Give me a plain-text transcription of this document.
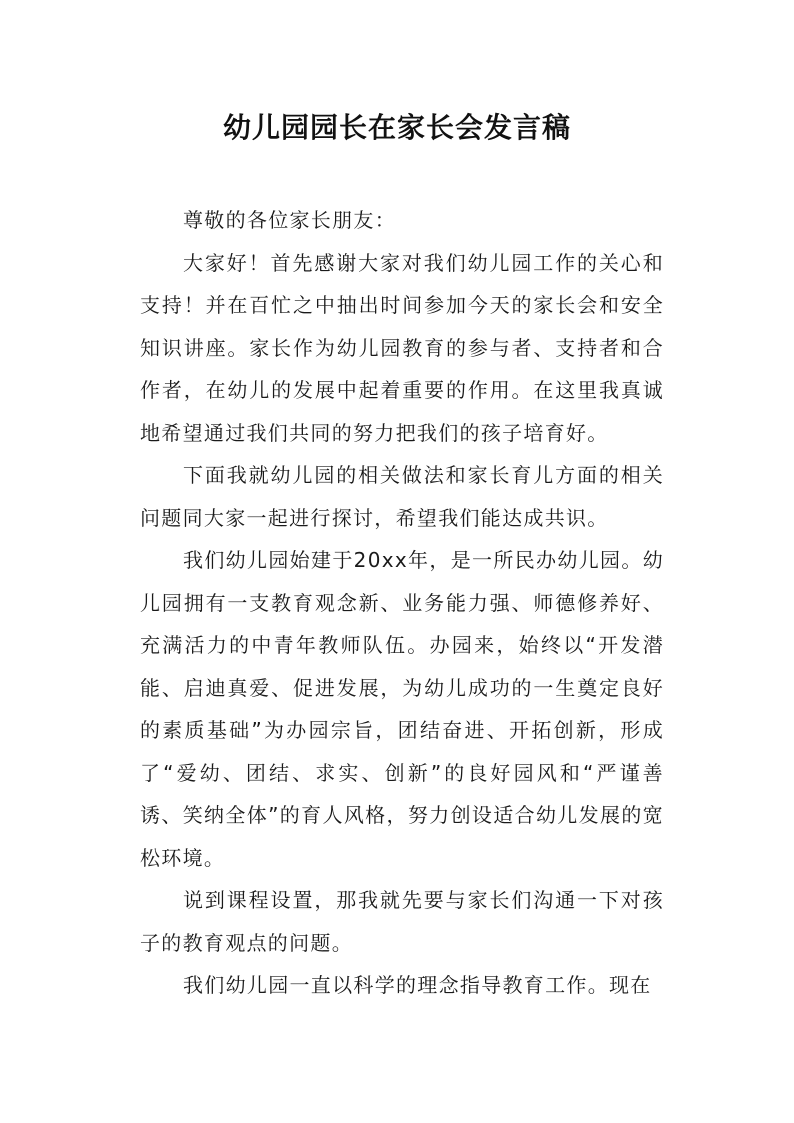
幼儿园园长在家长会发言稿

尊敬的各位家长朋友：

大家好！首先感谢大家对我们幼儿园工作的关心和支持！并在百忙之中抽出时间参加今天的家长会和安全知识讲座。家长作为幼儿园教育的参与者、支持者和合作者，在幼儿的发展中起着重要的作用。在这里我真诚地希望通过我们共同的努力把我们的孩子培育好。

下面我就幼儿园的相关做法和家长育儿方面的相关问题同大家一起进行探讨，希望我们能达成共识。

我们幼儿园始建于20xx年，是一所民办幼儿园。幼儿园拥有一支教育观念新、业务能力强、师德修养好、充满活力的中青年教师队伍。办园来，始终以“开发潜能、启迪真爱、促进发展，为幼儿成功的一生奠定良好的素质基础”为办园宗旨，团结奋进、开拓创新，形成了“爱幼、团结、求实、创新”的良好园风和“严谨善诱、笑纳全体”的育人风格，努力创设适合幼儿发展的宽松环境。

说到课程设置，那我就先要与家长们沟通一下对孩子的教育观点的问题。

我们幼儿园一直以科学的理念指导教育工作。现在
